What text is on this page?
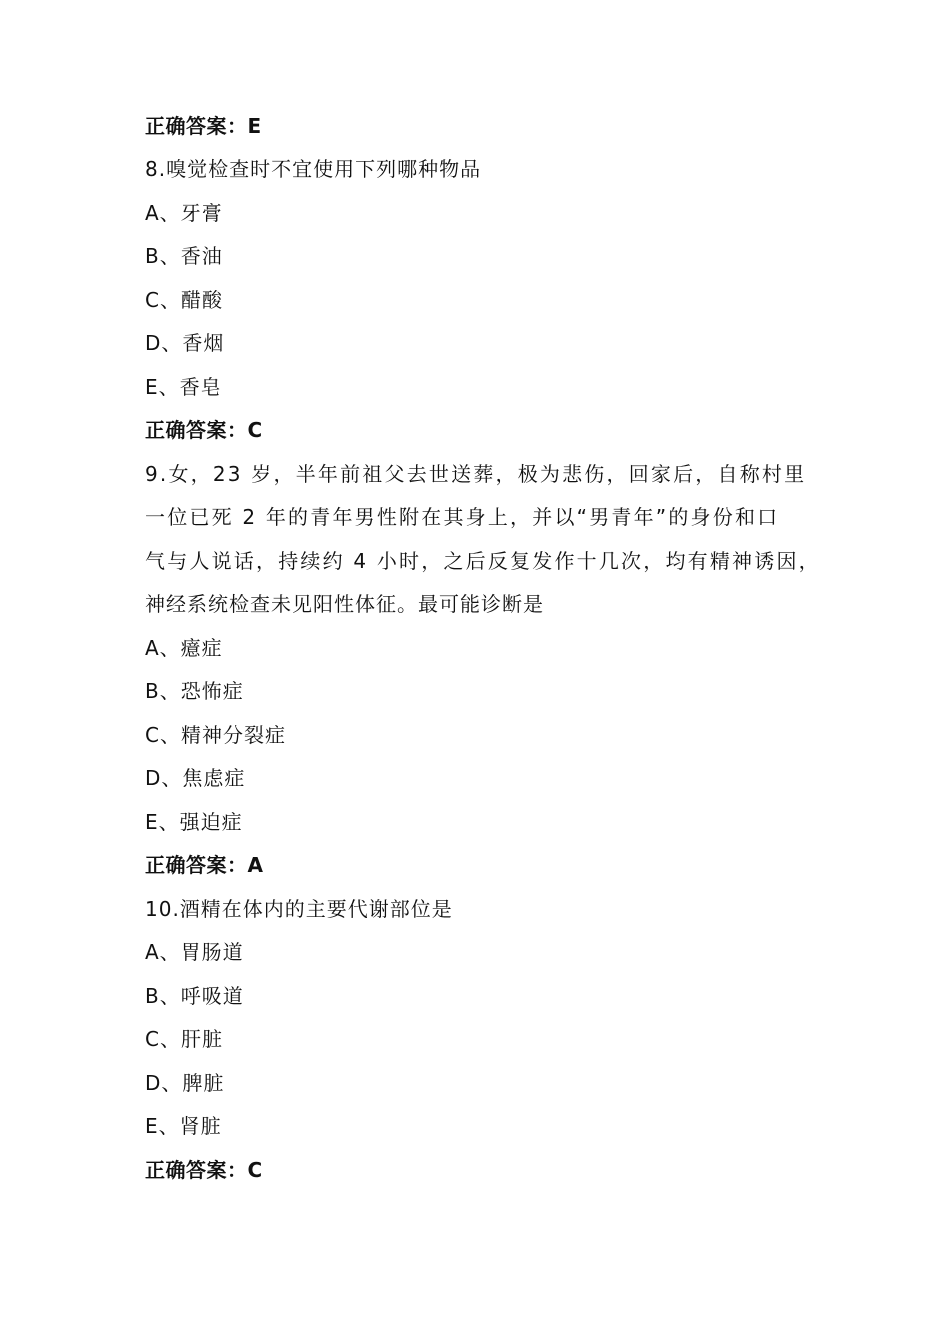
正确答案：E
8.嗅觉检查时不宜使用下列哪种物品
A、牙膏
B、香油
C、醋酸
D、香烟
E、香皂
正确答案：C
9.女，23 岁，半年前祖父去世送葬，极为悲伤，回家后，自称村里
一位已死 2 年的青年男性附在其身上，并以“男青年”的身份和口
气与人说话，持续约 4 小时，之后反复发作十几次，均有精神诱因，
神经系统检查未见阳性体征。最可能诊断是
A、癔症
B、恐怖症
C、精神分裂症
D、焦虑症
E、强迫症
正确答案：A
10.酒精在体内的主要代谢部位是
A、胃肠道
B、呼吸道
C、肝脏
D、脾脏
E、肾脏
正确答案：C
